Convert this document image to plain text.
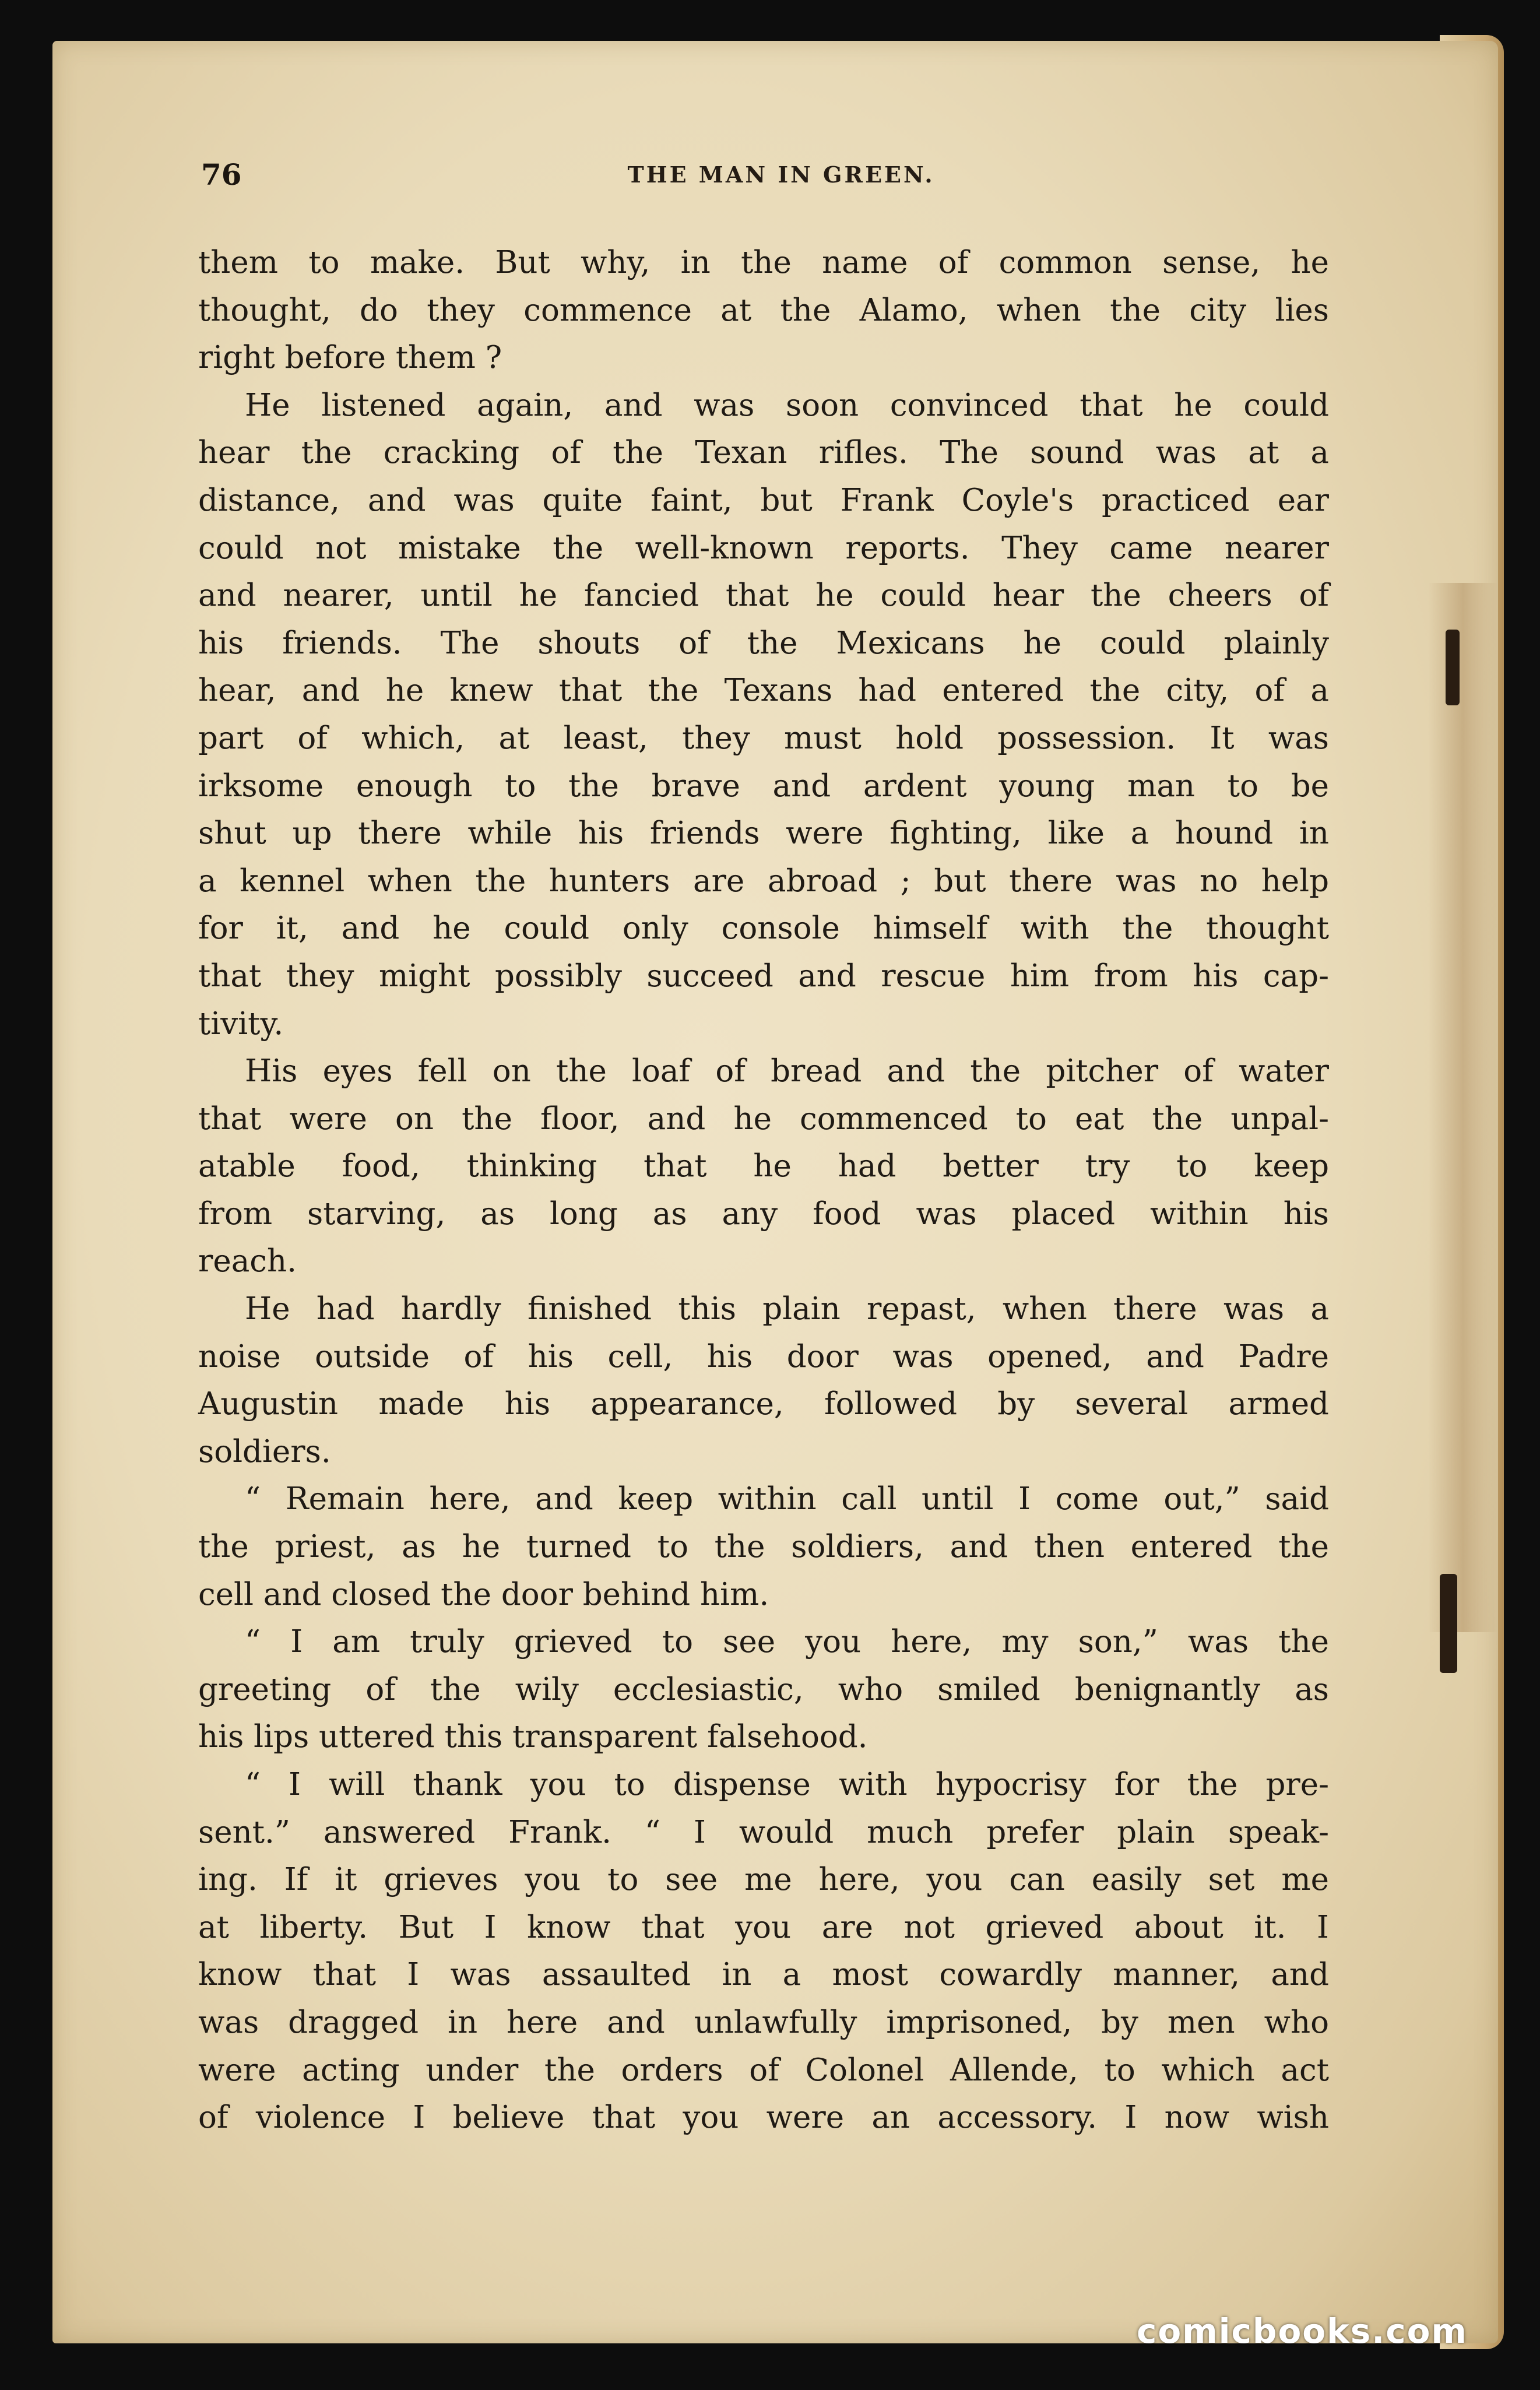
76	THE MAN IN GREEN.
them to make. But why, in the name of common sense, he
thought, do they commence at the Alamo, when the city lies
right before them ?
He listened again, and was soon convinced that he could
hear the cracking of the Texan rifles. The sound was at a
distance, and was quite faint, but Frank Coyle's practiced ear
could not mistake the well-known reports. They came nearer
and nearer, until he fancied that he could hear the cheers of
his friends. The shouts of the Mexicans he could plainly
hear, and he knew that the Texans had entered the city, of a
part of which, at least, they must hold possession. It was
irksome enough to the brave and ardent young man to be
shut up there while his friends were fighting, like a hound in
a kennel when the hunters are abroad ; but there was no help
for it, and he could only console himself with the thought
that they might possibly succeed and rescue him from his cap-
tivity.
His eyes fell on the loaf of bread and the pitcher of water
that were on the floor, and he commenced to eat the unpal-
atable food, thinking that he had better try to keep
from starving, as long as any food was placed within his
reach.
He had hardly finished this plain repast, when there was a
noise outside of his cell, his door was opened, and Padre
Augustin made his appearance, followed by several armed
soldiers.
“ Remain here, and keep within call until I come out,” said
the priest, as he turned to the soldiers, and then entered the
cell and closed the door behind him.
“ I am truly grieved to see you here, my son,” was the
greeting of the wily ecclesiastic, who smiled benignantly as
his lips uttered this transparent falsehood.
“ I will thank you to dispense with hypocrisy for the pre-
sent.” answered Frank. “ I would much prefer plain speak-
ing. If it grieves you to see me here, you can easily set me
at liberty. But I know that you are not grieved about it. I
know that I was assaulted in a most cowardly manner, and
was dragged in here and unlawfully imprisoned, by men who
were acting under the orders of Colonel Allende, to which act
of violence I believe that you were an accessory. I now wish
comicbooks.com
